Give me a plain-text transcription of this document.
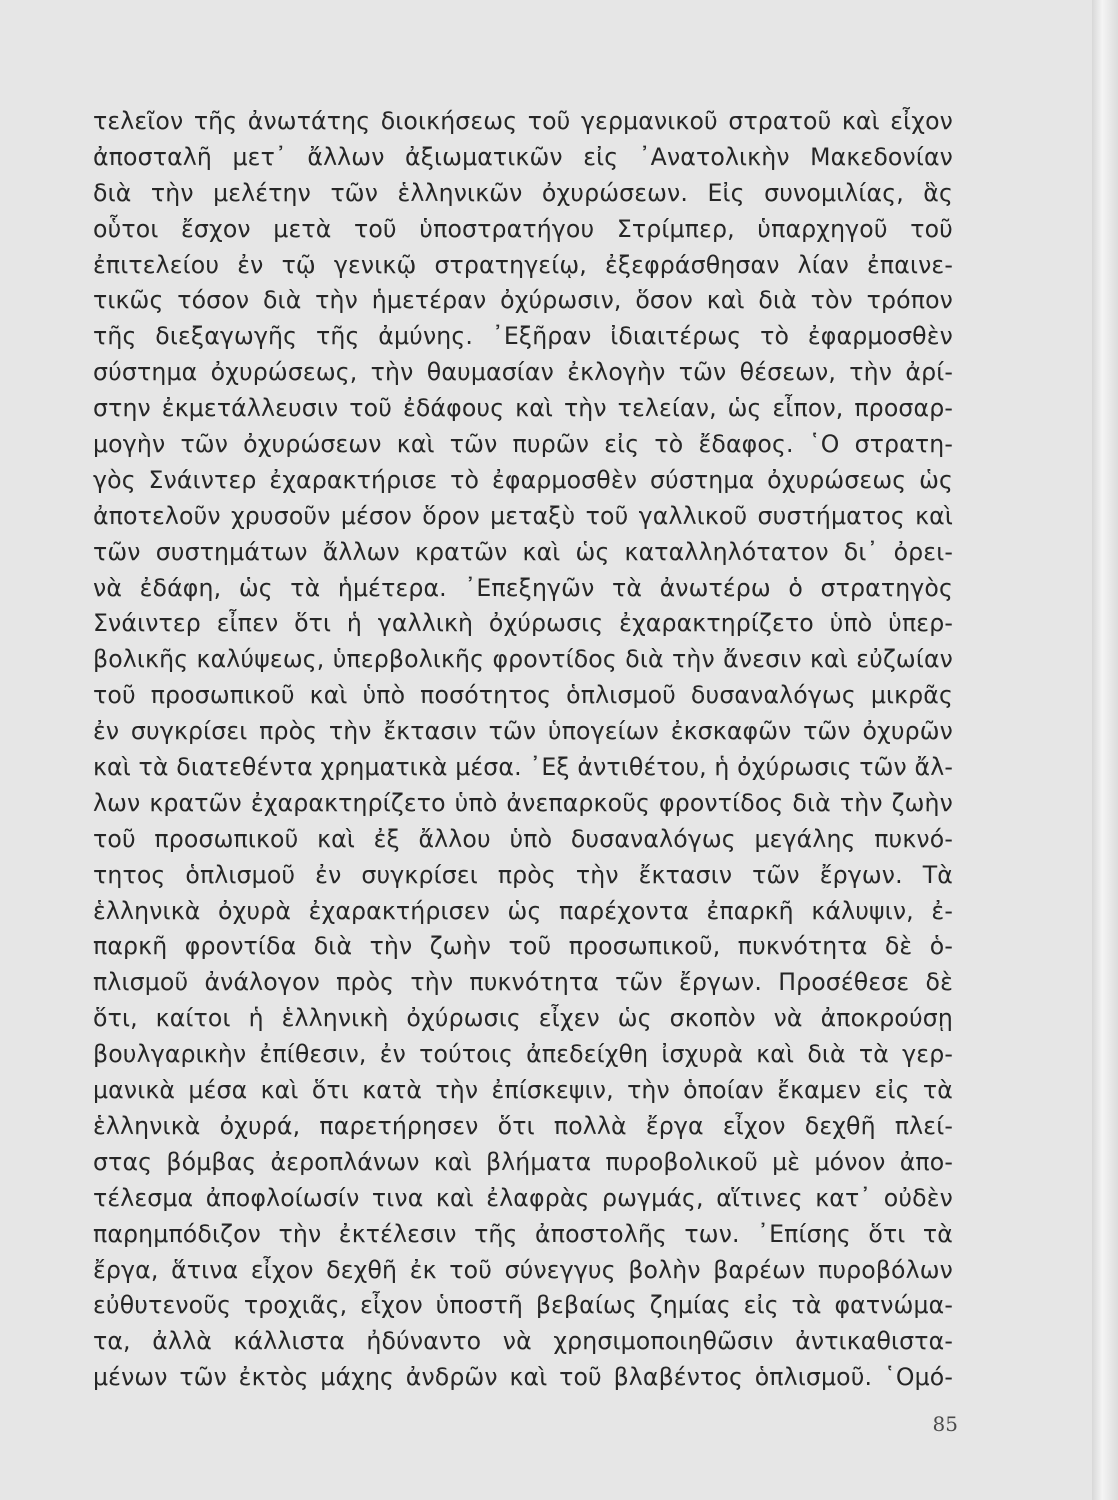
τελεῖον τῆς ἀνωτάτης διοικήσεως τοῦ γερμανικοῦ στρατοῦ καὶ εἶχον
ἀποσταλῆ μετ᾽ ἄλλων ἀξιωματικῶν εἰς ᾽Ανατολικὴν Μακεδονίαν
διὰ τὴν μελέτην τῶν ἑλληνικῶν ὀχυρώσεων. Εἰς συνομιλίας, ἃς
οὗτοι ἔσχον μετὰ τοῦ ὑποστρατήγου Στρίμπερ, ὑπαρχηγοῦ τοῦ
ἐπιτελείου ἐν τῷ γενικῷ στρατηγείῳ, ἐξεφράσθησαν λίαν ἐπαινε-
τικῶς τόσον διὰ τὴν ἡμετέραν ὀχύρωσιν, ὅσον καὶ διὰ τὸν τρόπον
τῆς διεξαγωγῆς τῆς ἀμύνης. ᾽Εξῆραν ἰδιαιτέρως τὸ ἐφαρμοσθὲν
σύστημα ὀχυρώσεως, τὴν θαυμασίαν ἐκλογὴν τῶν θέσεων, τὴν ἀρί-
στην ἐκμετάλλευσιν τοῦ ἐδάφους καὶ τὴν τελείαν, ὡς εἶπον, προσαρ-
μογὴν τῶν ὀχυρώσεων καὶ τῶν πυρῶν εἰς τὸ ἔδαφος. ῾Ο στρατη-
γὸς Σνάιντερ ἐχαρακτήρισε τὸ ἐφαρμοσθὲν σύστημα ὀχυρώσεως ὡς
ἀποτελοῦν χρυσοῦν μέσον ὅρον μεταξὺ τοῦ γαλλικοῦ συστήματος καὶ
τῶν συστημάτων ἄλλων κρατῶν καὶ ὡς καταλληλότατον δι᾽ ὀρει-
νὰ ἐδάφη, ὡς τὰ ἡμέτερα. ᾽Επεξηγῶν τὰ ἀνωτέρω ὁ στρατηγὸς
Σνάιντερ εἶπεν ὅτι ἡ γαλλικὴ ὀχύρωσις ἐχαρακτηρίζετο ὑπὸ ὑπερ-
βολικῆς καλύψεως, ὑπερβολικῆς φροντίδος διὰ τὴν ἄνεσιν καὶ εὐζωίαν
τοῦ προσωπικοῦ καὶ ὑπὸ ποσότητος ὁπλισμοῦ δυσαναλόγως μικρᾶς
ἐν συγκρίσει πρὸς τὴν ἔκτασιν τῶν ὑπογείων ἐκσκαφῶν τῶν ὀχυρῶν
καὶ τὰ διατεθέντα χρηματικὰ μέσα. ᾽Εξ ἀντιθέτου, ἡ ὀχύρωσις τῶν ἄλ-
λων κρατῶν ἐχαρακτηρίζετο ὑπὸ ἀνεπαρκοῦς φροντίδος διὰ τὴν ζωὴν
τοῦ προσωπικοῦ καὶ ἐξ ἄλλου ὑπὸ δυσαναλόγως μεγάλης πυκνό-
τητος ὁπλισμοῦ ἐν συγκρίσει πρὸς τὴν ἔκτασιν τῶν ἔργων. Τὰ
ἑλληνικὰ ὀχυρὰ ἐχαρακτήρισεν ὡς παρέχοντα ἐπαρκῆ κάλυψιν, ἐ-
παρκῆ φροντίδα διὰ τὴν ζωὴν τοῦ προσωπικοῦ, πυκνότητα δὲ ὁ-
πλισμοῦ ἀνάλογον πρὸς τὴν πυκνότητα τῶν ἔργων. Προσέθεσε δὲ
ὅτι, καίτοι ἡ ἑλληνικὴ ὀχύρωσις εἶχεν ὡς σκοπὸν νὰ ἀποκρούσῃ
βουλγαρικὴν ἐπίθεσιν, ἐν τούτοις ἀπεδείχθη ἰσχυρὰ καὶ διὰ τὰ γερ-
μανικὰ μέσα καὶ ὅτι κατὰ τὴν ἐπίσκεψιν, τὴν ὁποίαν ἔκαμεν εἰς τὰ
ἑλληνικὰ ὀχυρά, παρετήρησεν ὅτι πολλὰ ἔργα εἶχον δεχθῆ πλεί-
στας βόμβας ἀεροπλάνων καὶ βλήματα πυροβολικοῦ μὲ μόνον ἀπο-
τέλεσμα ἀποφλοίωσίν τινα καὶ ἐλαφρὰς ρωγμάς, αἵτινες κατ᾽ οὐδὲν
παρημπόδιζον τὴν ἐκτέλεσιν τῆς ἀποστολῆς των. ᾽Επίσης ὅτι τὰ
ἔργα, ἅτινα εἶχον δεχθῆ ἐκ τοῦ σύνεγγυς βολὴν βαρέων πυροβόλων
εὐθυτενοῦς τροχιᾶς, εἶχον ὑποστῆ βεβαίως ζημίας εἰς τὰ φατνώμα-
τα, ἀλλὰ κάλλιστα ἠδύναντο νὰ χρησιμοποιηθῶσιν ἀντικαθιστα-
μένων τῶν ἐκτὸς μάχης ἀνδρῶν καὶ τοῦ βλαβέντος ὁπλισμοῦ. ῾Ομό-
85
